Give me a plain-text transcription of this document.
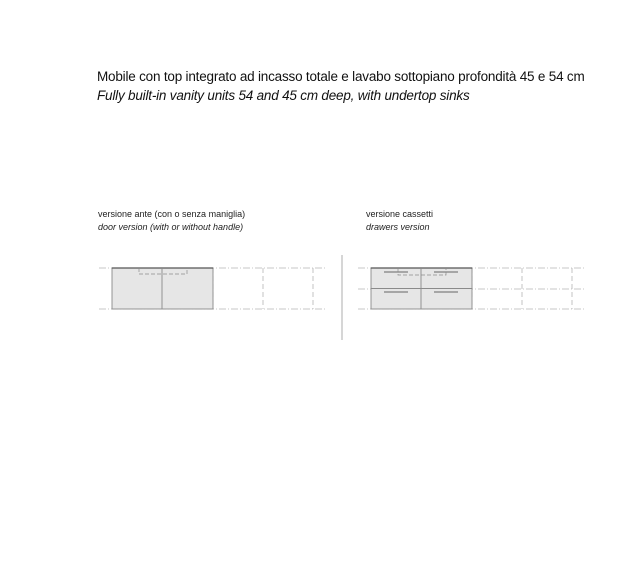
Mobile con top integrato ad incasso totale e lavabo sottopiano profondità 45 e 54 cm
Fully built-in vanity units 54 and 45 cm deep, with undertop sinks
versione ante (con o senza maniglia)
door version (with or without handle)
versione cassetti
drawers version
